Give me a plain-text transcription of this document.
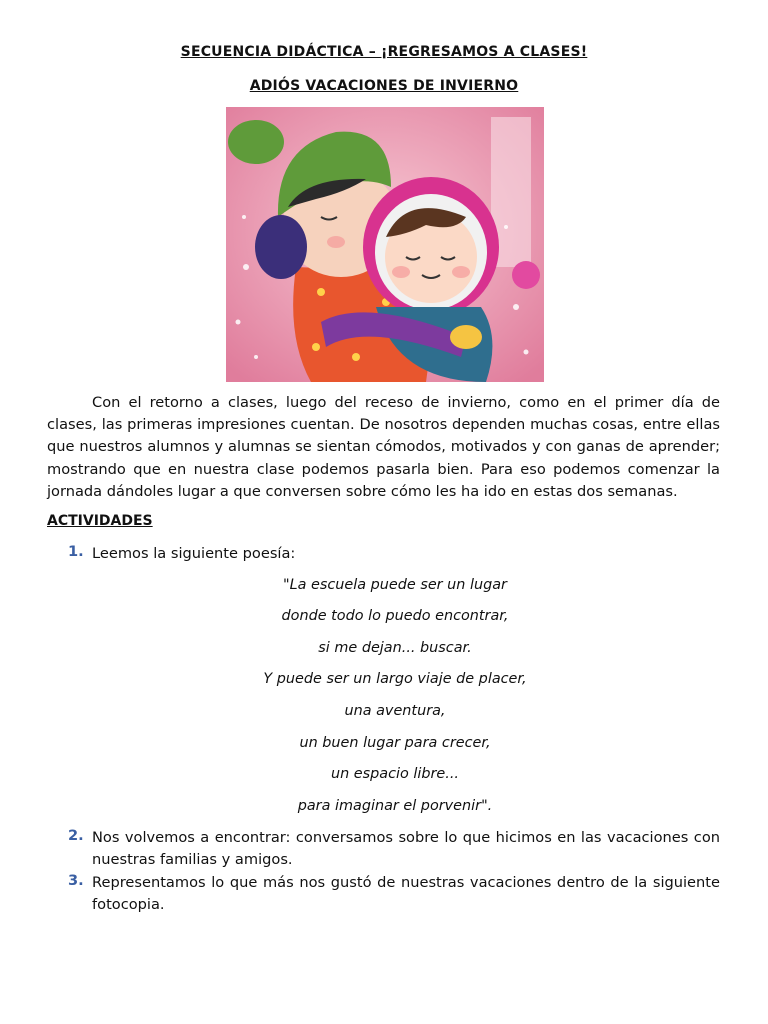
SECUENCIA DIDÁCTICA – ¡REGRESAMOS A CLASES!
ADIÓS VACACIONES DE INVIERNO

Con el retorno a clases, luego del receso de invierno, como en el primer día de clases, las primeras impresiones cuentan. De nosotros dependen muchas cosas, entre ellas que nuestros alumnos y alumnas se sientan cómodos, motivados y con ganas de aprender; mostrando que en nuestra clase podemos pasarla bien. Para eso podemos comenzar la jornada dándoles lugar a que conversen sobre cómo les ha ido en estas dos semanas.

ACTIVIDADES
1. Leemos la siguiente poesía:

"La escuela puede ser un lugar
donde todo lo puedo encontrar,
si me dejan... buscar.
Y puede ser un largo viaje de placer,
una aventura,
un buen lugar para crecer,
un espacio libre...
para imaginar el porvenir".
2. Nos volvemos a encontrar: conversamos sobre lo que hicimos en las vacaciones con nuestras familias y amigos.

3. Representamos lo que más nos gustó de nuestras vacaciones dentro de la siguiente fotocopia.
